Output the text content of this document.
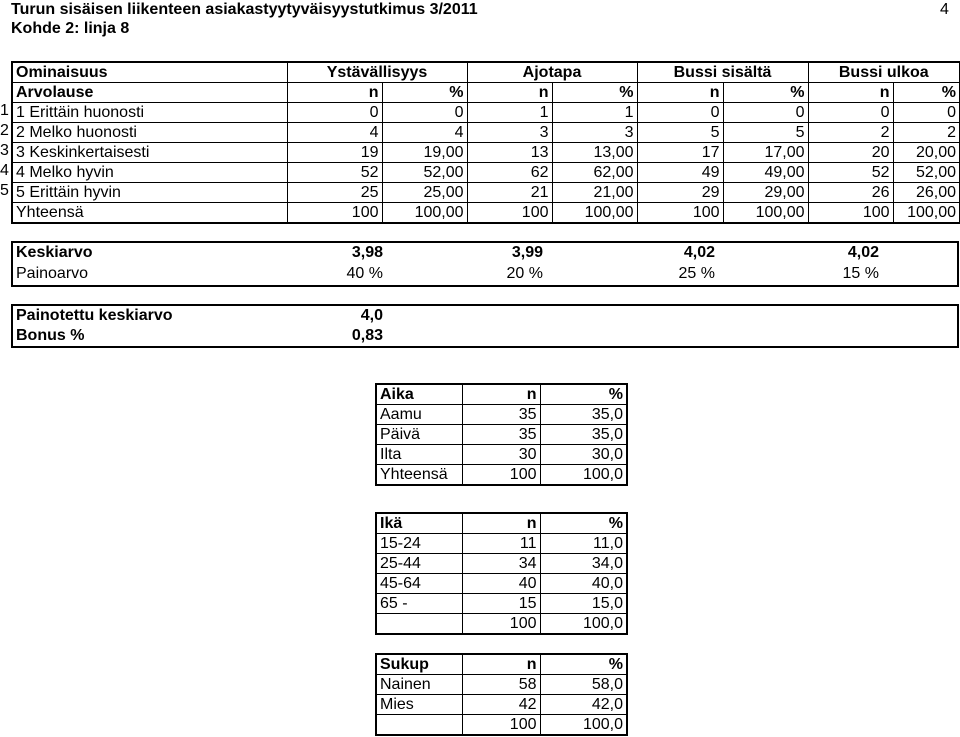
Turun sisäisen liikenteen asiakastyytyväisyystutkimus 3/2011
Kohde 2: linja 8
4
1
2
3
4
5
Ominaisuus	Ystävällisyys		Ajotapa		Bussi sisältä		Bussi ulkoa	
Arvolause	n	%	n	%	n	%	n	%
1 Erittäin huonosti	0	0	1	1	0	0	0	0
2 Melko huonosti	4	4	3	3	5	5	2	2
3 Keskinkertaisesti	19	19,00	13	13,00	17	17,00	20	20,00
4 Melko hyvin	52	52,00	62	62,00	49	49,00	52	52,00
5 Erittäin hyvin	25	25,00	21	21,00	29	29,00	26	26,00
Yhteensä	100	100,00	100	100,00	100	100,00	100	100,00
Keskiarvo	3,98	3,99	4,02	4,02
Painoarvo	40 %	20 %	25 %	15 %
Painotettu keskiarvo	4,0
Bonus %	0,83
Aika	n	%
Aamu	35	35,0
Päivä	35	35,0
Ilta	30	30,0
Yhteensä	100	100,0
Ikä	n	%
15-24	11	11,0
25-44	34	34,0
45-64	40	40,0
65 -	15	15,0
	100	100,0
Sukup	n	%
Nainen	58	58,0
Mies	42	42,0
	100	100,0
